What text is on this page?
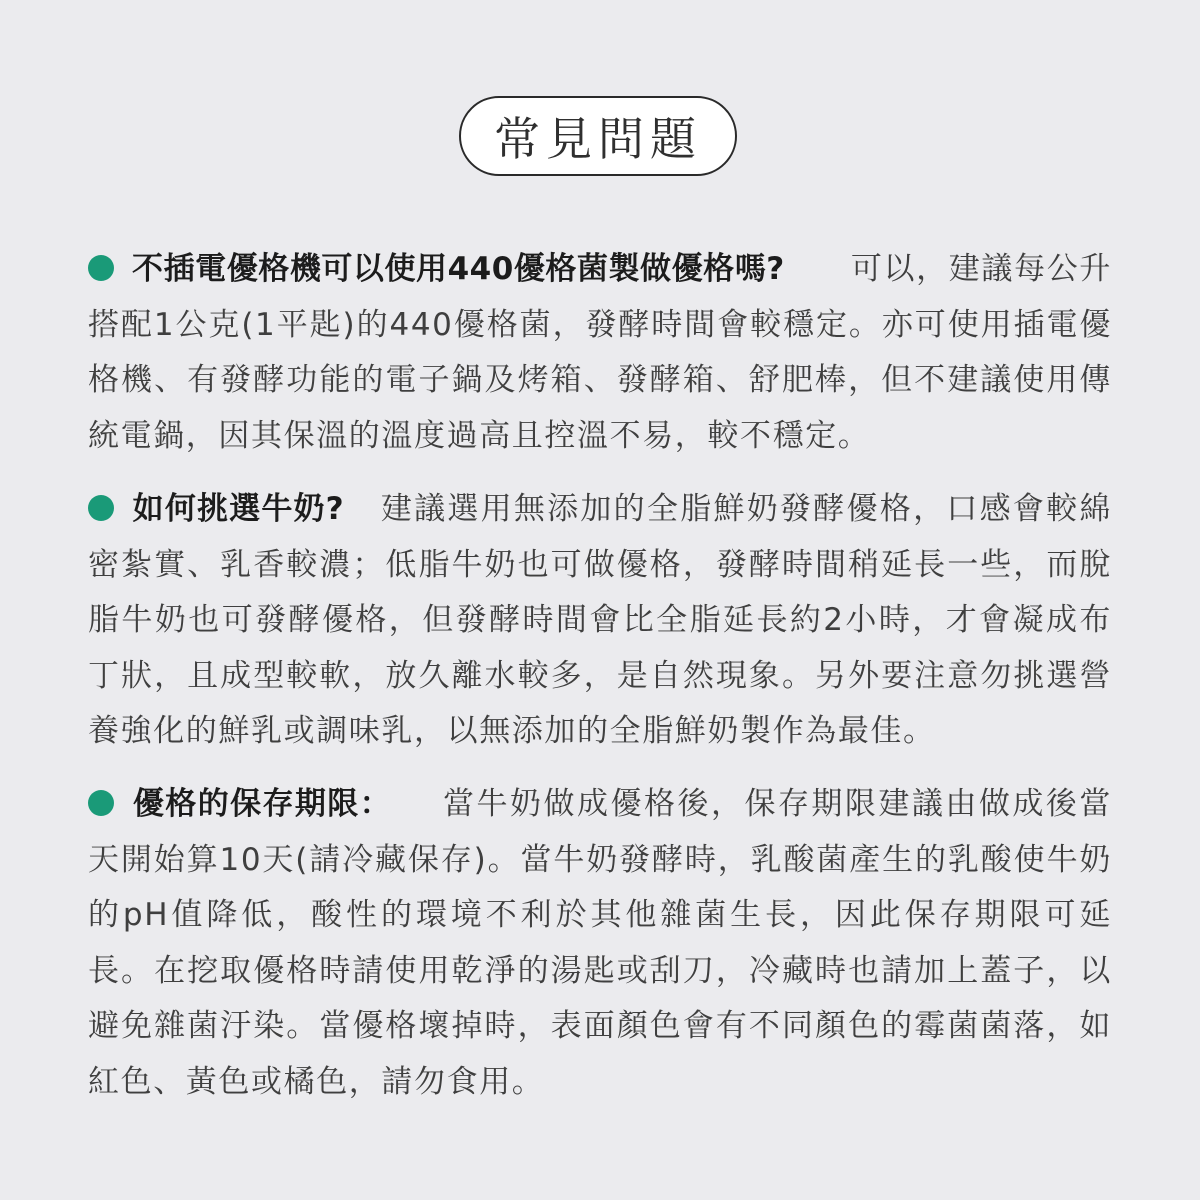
常見問題
不插電優格機可以使用440優格菌製做優格嗎? 可以，建議每公升搭配1公克(1平匙)的440優格菌，發酵時間會較穩定。亦可使用插電優格機、有發酵功能的電子鍋及烤箱、發酵箱、舒肥棒，但不建議使用傳統電鍋，因其保溫的溫度過高且控溫不易，較不穩定。
如何挑選牛奶? 建議選用無添加的全脂鮮奶發酵優格，口感會較綿密紮實、乳香較濃；低脂牛奶也可做優格，發酵時間稍延長一些，而脫脂牛奶也可發酵優格，但發酵時間會比全脂延長約2小時，才會凝成布丁狀，且成型較軟，放久離水較多，是自然現象。另外要注意勿挑選營養強化的鮮乳或調味乳，以無添加的全脂鮮奶製作為最佳。
優格的保存期限： 當牛奶做成優格後，保存期限建議由做成後當天開始算10天(請冷藏保存)。當牛奶發酵時，乳酸菌產生的乳酸使牛奶的pH值降低，酸性的環境不利於其他雜菌生長，因此保存期限可延長。在挖取優格時請使用乾淨的湯匙或刮刀，冷藏時也請加上蓋子，以避免雜菌汙染。當優格壞掉時，表面顏色會有不同顏色的霉菌菌落，如紅色、黃色或橘色，請勿食用。
